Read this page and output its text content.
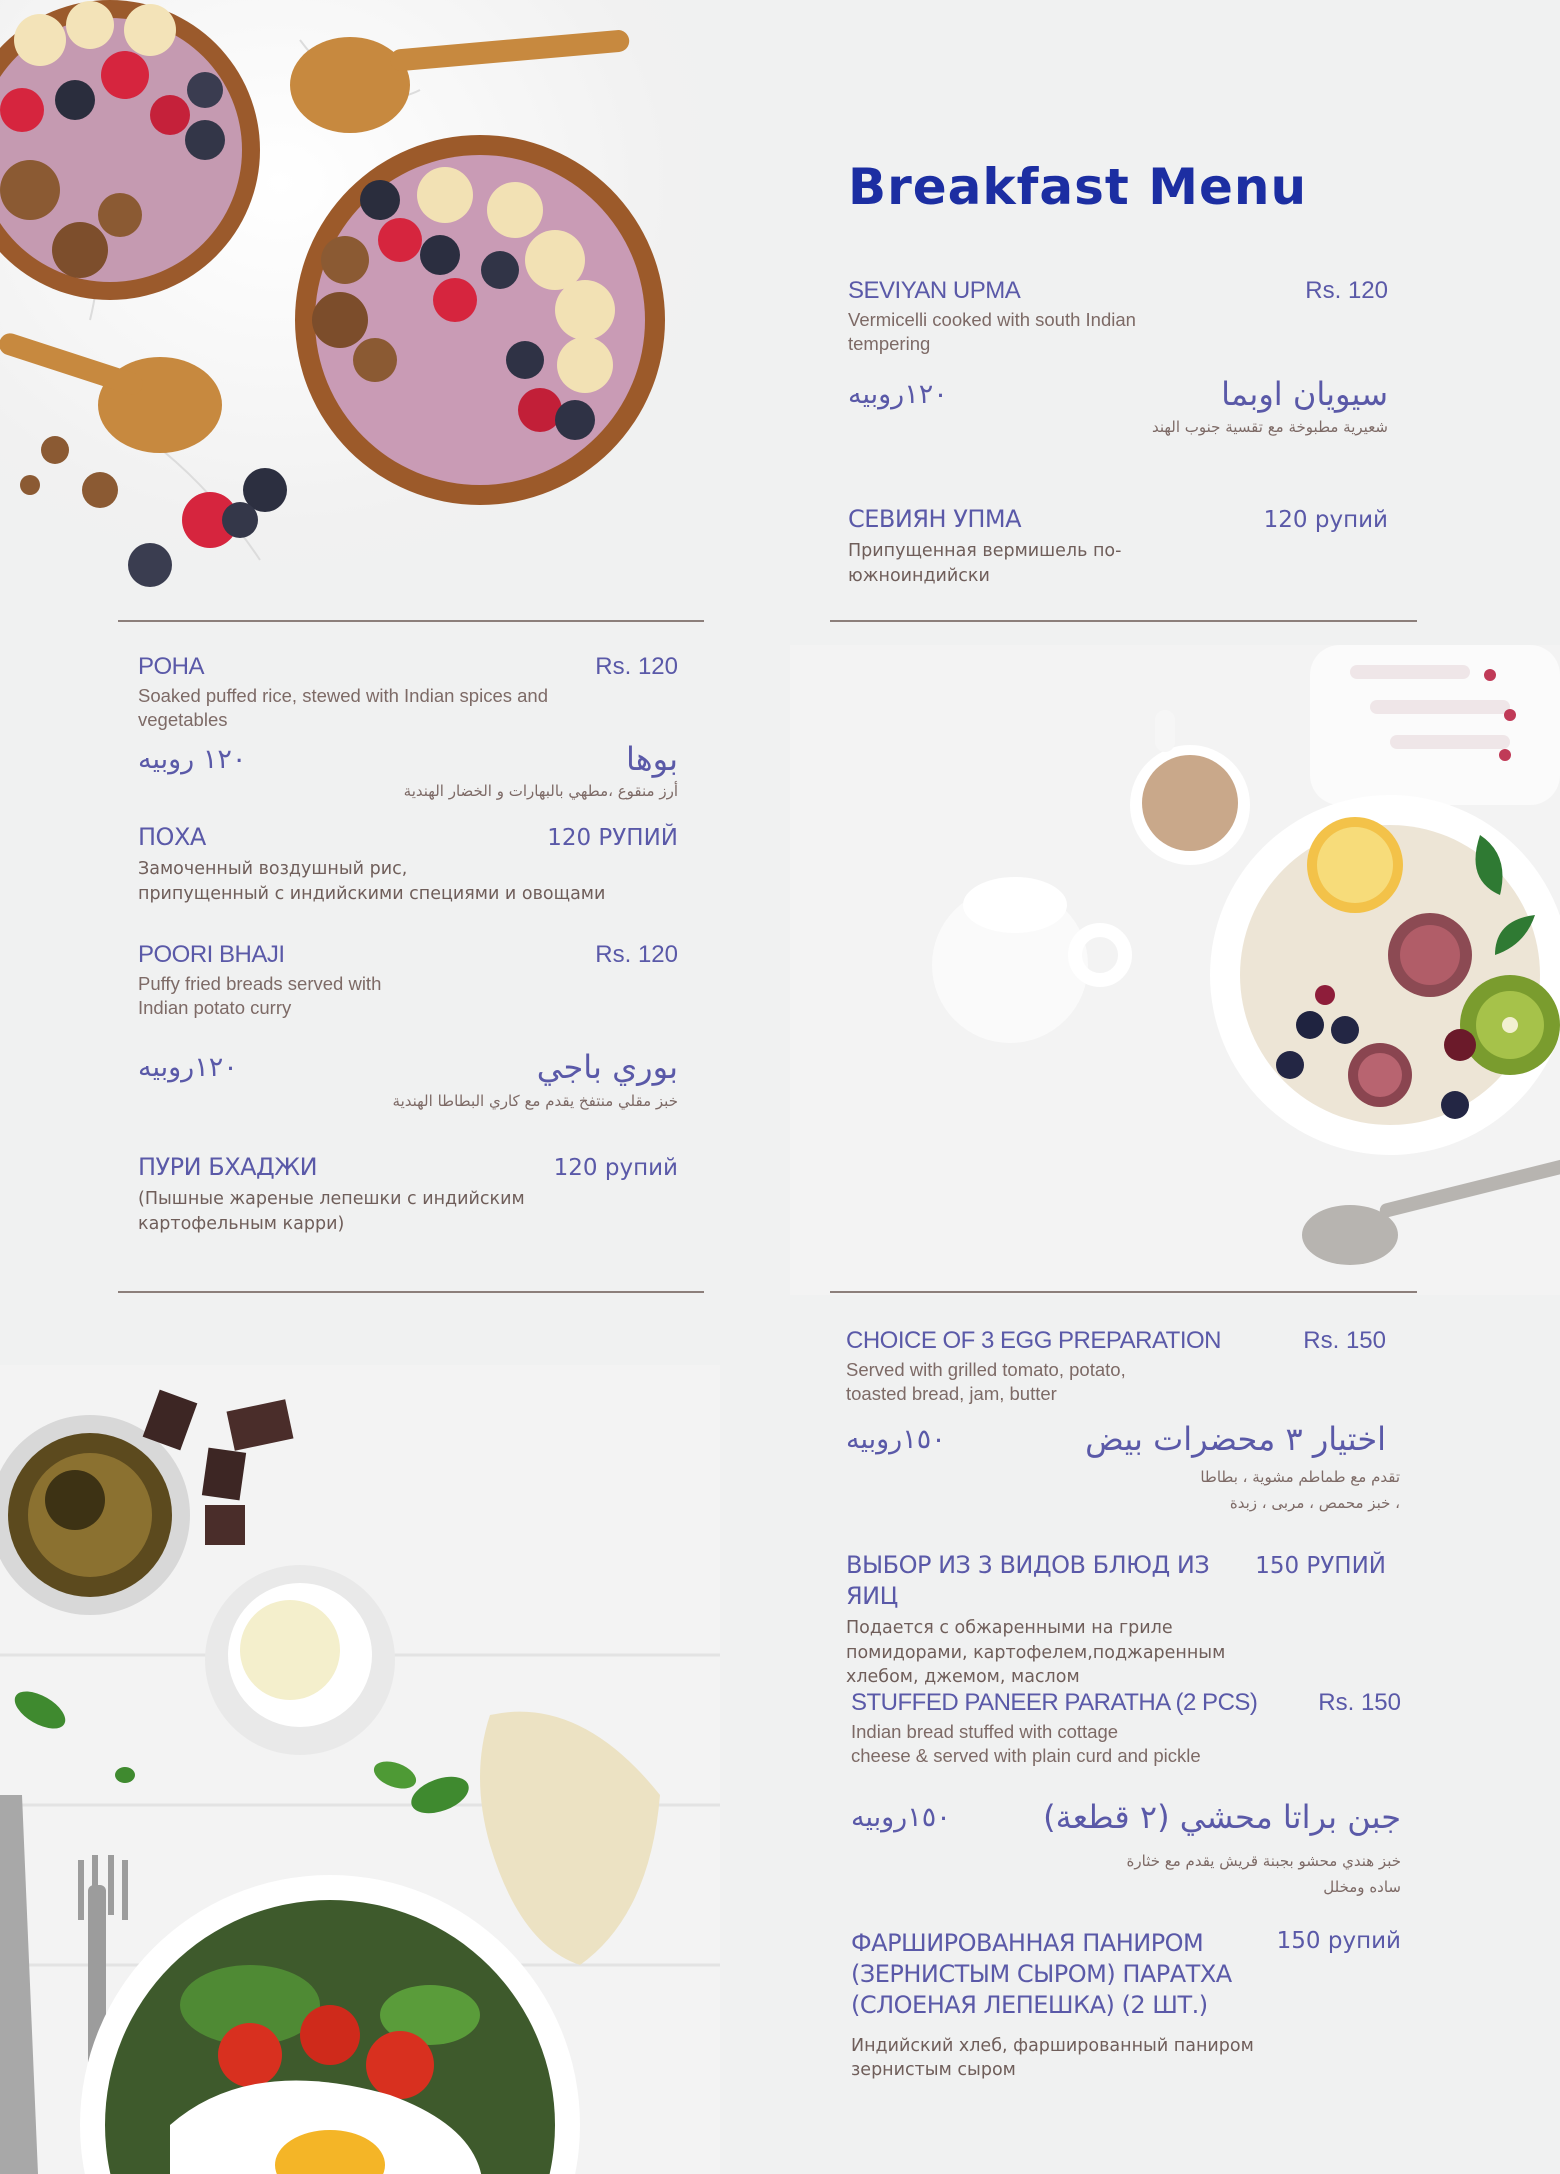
Breakfast Menu
SEVIYAN UPMA	Rs. 120
Vermicelli cooked with south Indian tempering
١٢٠روبيه	سيويان اوبما
شعيرية مطبوخة مع تقسية جنوب الهند
СЕВИЯН УПМА	120 рупий
Припущенная вермишель по-южноиндийски
POHA	Rs. 120
Soaked puffed rice, stewed with Indian spices and vegetables
١٢٠ روبيه	بوها
أرز منقوع ،مطهي بالبهارات و الخضار الهندية
ПОХА	120 РУПИЙ
Замоченный воздушный рис,
припущенный с индийскими специями и овощами
POORI BHAJI	Rs. 120
Puffy fried breads served with
Indian potato curry
١٢٠روبيه	بوري باجي
خبز مقلي منتفخ يقدم مع كاري البطاطا الهندية
ПУРИ БХАДЖИ	120 рупий
(Пышные жареные лепешки с индийским
картофельным карри)
CHOICE OF 3 EGG PREPARATION	Rs. 150
Served with grilled tomato, potato,
toasted bread, jam, butter
١٥٠روبيه	اختيار ٣ محضرات بيض
تقدم مع طماطم مشوية ، بطاطا
، خبز محمص ، مربى ، زبدة
ВЫБОР ИЗ 3 ВИДОВ БЛЮД ИЗ ЯИЦ
150 РУПИЙ
Подается с обжаренными на гриле
помидорами, картофелем,поджаренным
хлебом, джемом, маслом
STUFFED PANEER PARATHA (2 PCS)	Rs. 150
Indian bread stuffed with cottage
cheese & served with plain curd and pickle
١٥٠روبيه	جبن براتا محشي (٢ قطعة)
خبز هندي محشو بجبنة قريش يقدم مع خثارة
ساده ومخلل
ФАРШИРОВАННАЯ ПАНИРОМ
(ЗЕРНИСТЫМ СЫРОМ) ПАРАТХА
(СЛОЕНАЯ ЛЕПЕШКА) (2 ШТ.)
150 рупий
Индийский хлеб, фаршированный паниром
зернистым сыром
